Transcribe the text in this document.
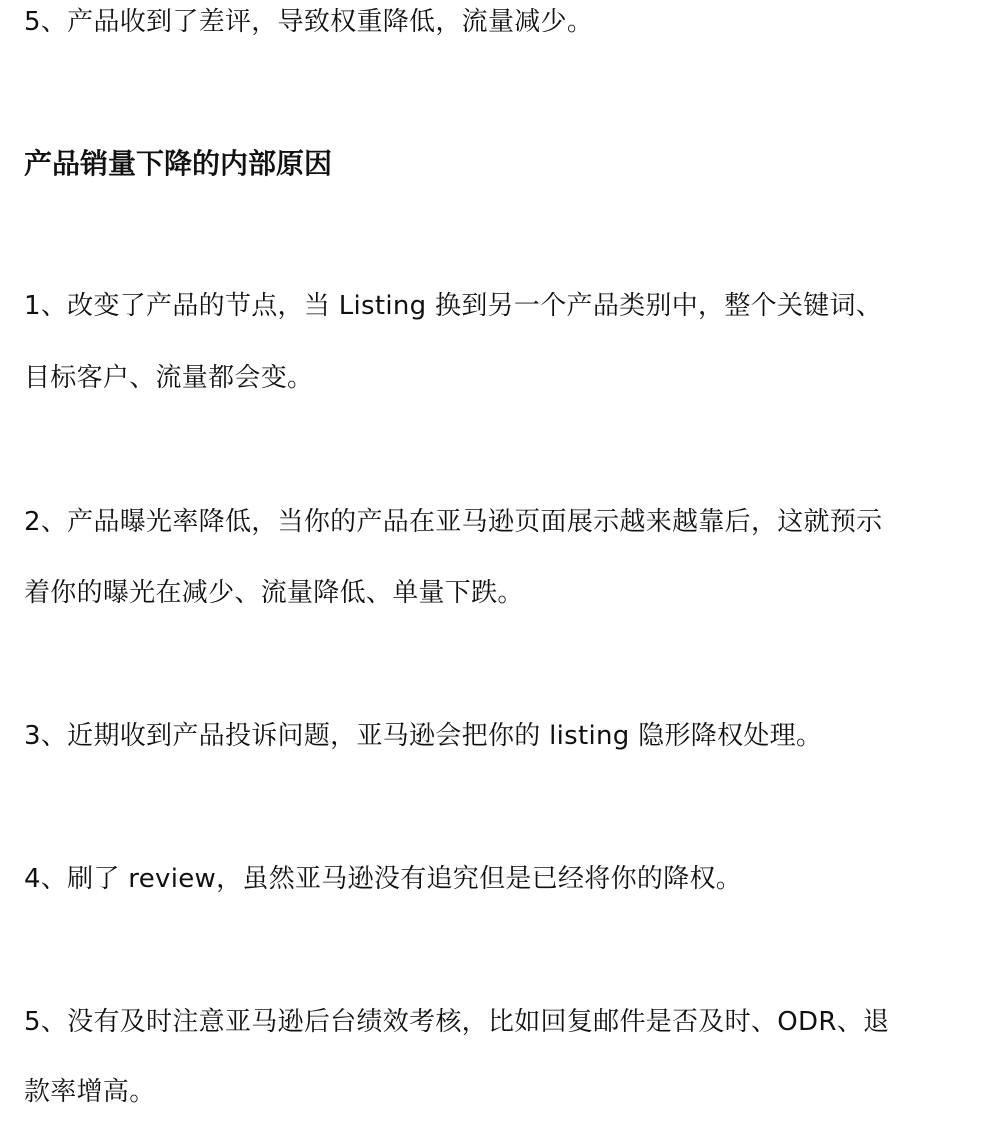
5、产品收到了差评，导致权重降低，流量减少。

产品销量下降的内部原因

1、改变了产品的节点，当 Listing 换到另一个产品类别中，整个关键词、

目标客户、流量都会变。

2、产品曝光率降低，当你的产品在亚马逊页面展示越来越靠后，这就预示

着你的曝光在减少、流量降低、单量下跌。

3、近期收到产品投诉问题，亚马逊会把你的 listing 隐形降权处理。

4、刷了 review，虽然亚马逊没有追究但是已经将你的降权。

5、没有及时注意亚马逊后台绩效考核，比如回复邮件是否及时、ODR、退

款率增高。
